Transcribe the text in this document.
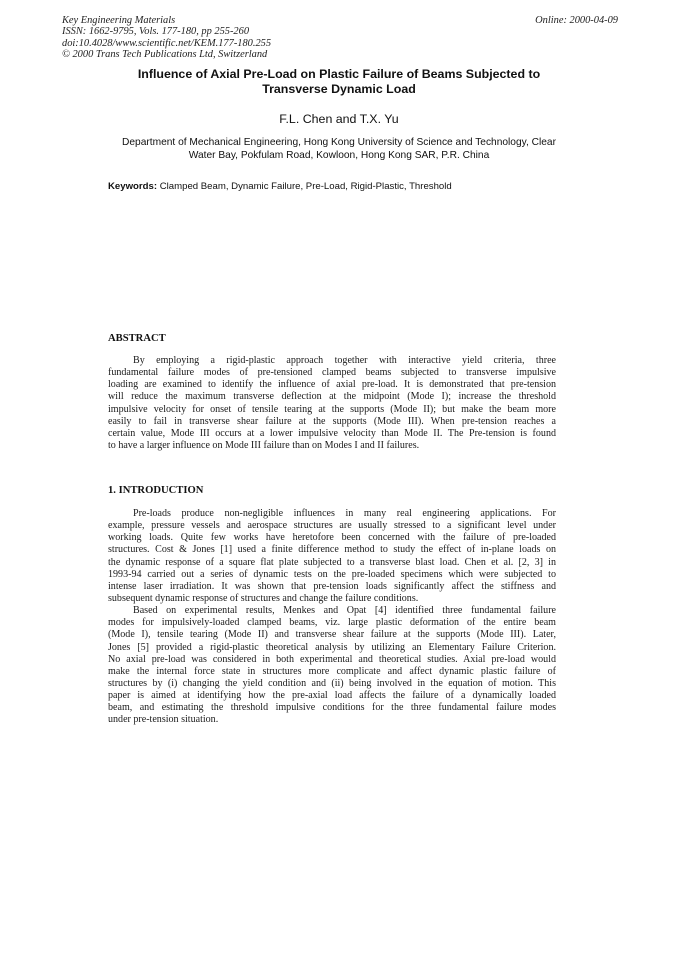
Key Engineering Materials
ISSN: 1662-9795, Vols. 177-180, pp 255-260
doi:10.4028/www.scientific.net/KEM.177-180.255
© 2000 Trans Tech Publications Ltd, Switzerland
Online: 2000-04-09
Influence of Axial Pre-Load on Plastic Failure of Beams Subjected to
Transverse Dynamic Load
F.L. Chen and T.X. Yu
Department of Mechanical Engineering, Hong Kong University of Science and Technology, Clear
Water Bay, Pokfulam Road, Kowloon, Hong Kong SAR, P.R. China
Keywords: Clamped Beam, Dynamic Failure, Pre-Load, Rigid-Plastic, Threshold
ABSTRACT
By employing a rigid-plastic approach together with interactive yield criteria, three
fundamental failure modes of pre-tensioned clamped beams subjected to transverse impulsive
loading are examined to identify the influence of axial pre-load. It is demonstrated that pre-tension
will reduce the maximum transverse deflection at the midpoint (Mode I); increase the threshold
impulsive velocity for onset of tensile tearing at the supports (Mode II); but make the beam more
easily to fail in transverse shear failure at the supports (Mode III). When pre-tension reaches a
certain value, Mode III occurs at a lower impulsive velocity than Mode II. The Pre-tension is found
to have a larger influence on Mode III failure than on Modes I and II failures.
1. INTRODUCTION
Pre-loads produce non-negligible influences in many real engineering applications. For
example, pressure vessels and aerospace structures are usually stressed to a significant level under
working loads. Quite few works have heretofore been concerned with the failure of pre-loaded
structures. Cost & Jones [1] used a finite difference method to study the effect of in-plane loads on
the dynamic response of a square flat plate subjected to a transverse blast load. Chen et al. [2, 3] in
1993-94 carried out a series of dynamic tests on the pre-loaded specimens which were subjected to
intense laser irradiation. It was shown that pre-tension loads significantly affect the stiffness and
subsequent dynamic response of structures and change the failure conditions.
Based on experimental results, Menkes and Opat [4] identified three fundamental failure
modes for impulsively-loaded clamped beams, viz. large plastic deformation of the entire beam
(Mode I), tensile tearing (Mode II) and transverse shear failure at the supports (Mode III). Later,
Jones [5] provided a rigid-plastic theoretical analysis by utilizing an Elementary Failure Criterion.
No axial pre-load was considered in both experimental and theoretical studies. Axial pre-load would
make the internal force state in structures more complicate and affect dynamic plastic failure of
structures by (i) changing the yield condition and (ii) being involved in the equation of motion. This
paper is aimed at identifying how the pre-axial load affects the failure of a dynamically loaded
beam, and estimating the threshold impulsive conditions for the three fundamental failure modes
under pre-tension situation.
